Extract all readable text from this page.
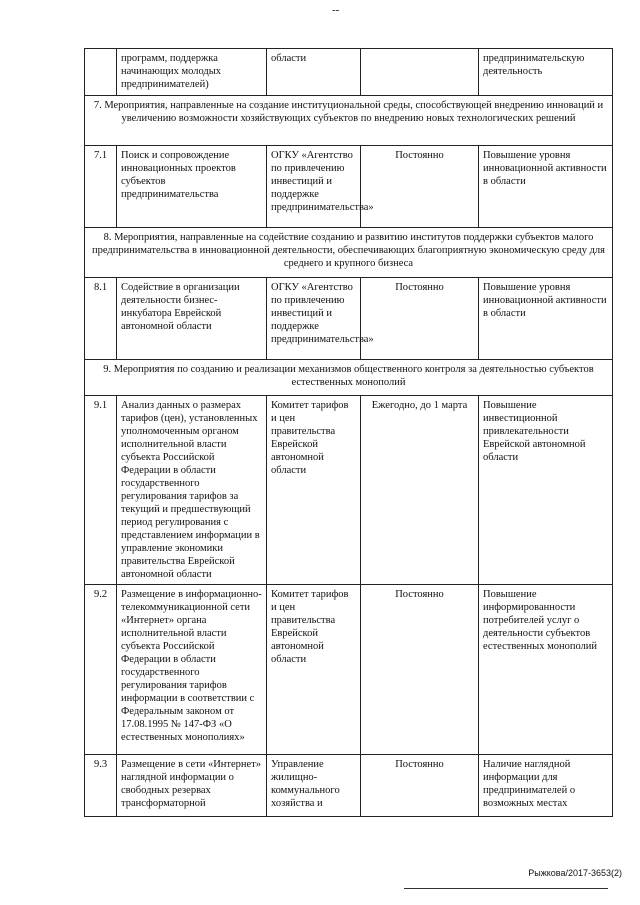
--
	программ, поддержка начинающих молодых предпринимателей)	области		предпринимательскую деятельность
7. Мероприятия, направленные на создание институциональной среды, способствующей внедрению инноваций и увеличению возможности хозяйствующих субъектов по внедрению новых технологических решений				
7.1	Поиск и сопровождение инновационных проектов субъектов предпринимательства	ОГКУ «Агентство по привлечению инвестиций и поддержке предпринимательства»	Постоянно	Повышение уровня инновационной активности в области
8. Мероприятия, направленные на содействие созданию и развитию институтов поддержки субъектов малого предпринимательства в инновационной деятельности, обеспечивающих благоприятную экономическую среду для среднего и крупного бизнеса				
8.1	Содействие в организации деятельности бизнес-инкубатора Еврейской автономной области	ОГКУ «Агентство по привлечению инвестиций и поддержке предпринимательства»	Постоянно	Повышение уровня инновационной активности в области
9. Мероприятия по созданию и реализации механизмов общественного контроля за деятельностью субъектов естественных монополий				
9.1	Анализ данных о размерах тарифов (цен), установленных уполномоченным органом исполнительной власти субъекта Российской Федерации в области государственного регулирования тарифов за текущий и предшествующий период регулирования с представлением информации в управление экономики правительства Еврейской автономной области	Комитет тарифов и цен правительства Еврейской автономной области	Ежегодно, до 1 марта	Повышение инвестиционной привлекательности Еврейской автономной области
9.2	Размещение в информационно-телекоммуникационной сети «Интернет» органа исполнительной власти субъекта Российской Федерации в области государственного регулирования тарифов информации в соответствии с Федеральным законом от 17.08.1995 № 147-ФЗ «О естественных монополиях»	Комитет тарифов и цен правительства Еврейской автономной области	Постоянно	Повышение информированности потребителей услуг о деятельности субъектов естественных монополий
9.3	Размещение в сети «Интернет» наглядной информации о свободных резервах трансформаторной	Управление жилищно-коммунального хозяйства и	Постоянно	Наличие наглядной информации для предпринимателей о возможных местах
Рыжкова/2017-3653(2)
